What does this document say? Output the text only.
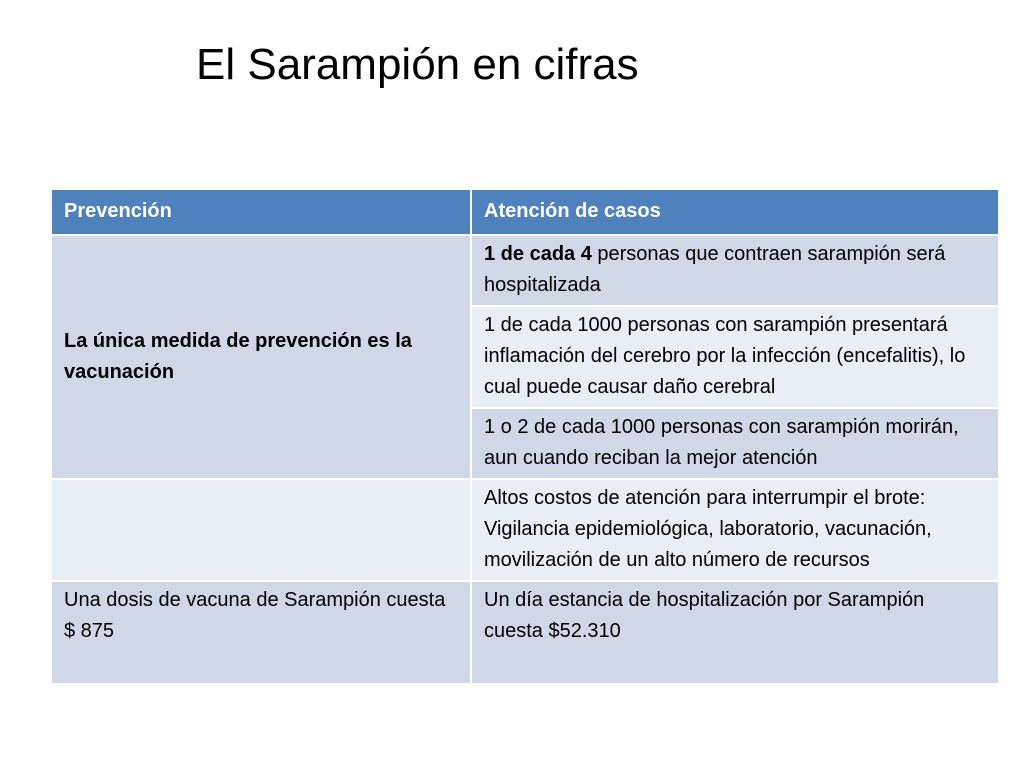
El Sarampión en cifras
Prevención	Atención de casos
La única medida de prevención es la vacunación	1 de cada 4 personas que contraen sarampión será hospitalizada
	1 de cada 1000 personas con sarampión presentará inflamación del cerebro por la infección (encefalitis), lo cual puede causar daño cerebral
	1 o 2 de cada 1000 personas con sarampión morirán, aun cuando reciban la mejor atención
	Altos costos de atención para interrumpir el brote: Vigilancia epidemiológica, laboratorio, vacunación, movilización de un alto número de recursos
Una dosis de vacuna de Sarampión cuesta $ 875	Un día estancia de hospitalización por Sarampión cuesta $52.310
